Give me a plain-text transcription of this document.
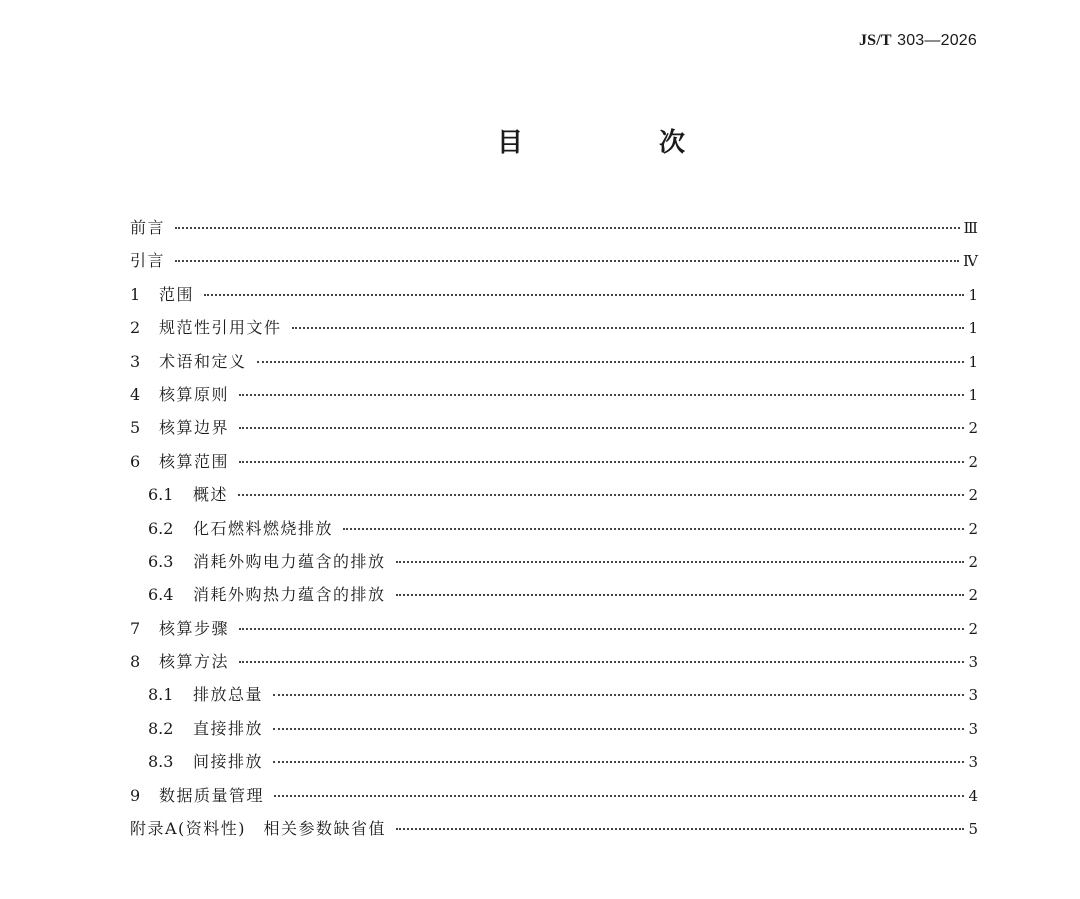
JS/T 303—2026
目　次
前言	Ⅲ
引言	Ⅳ
1	范围	1
2	规范性引用文件	1
3	术语和定义	1
4	核算原则	1
5	核算边界	2
6	核算范围	2
6.1	概述	2
6.2	化石燃料燃烧排放	2
6.3	消耗外购电力蕴含的排放	2
6.4	消耗外购热力蕴含的排放	2
7	核算步骤	2
8	核算方法	3
8.1	排放总量	3
8.2	直接排放	3
8.3	间接排放	3
9	数据质量管理	4
附录A(资料性)　相关参数缺省值	5
